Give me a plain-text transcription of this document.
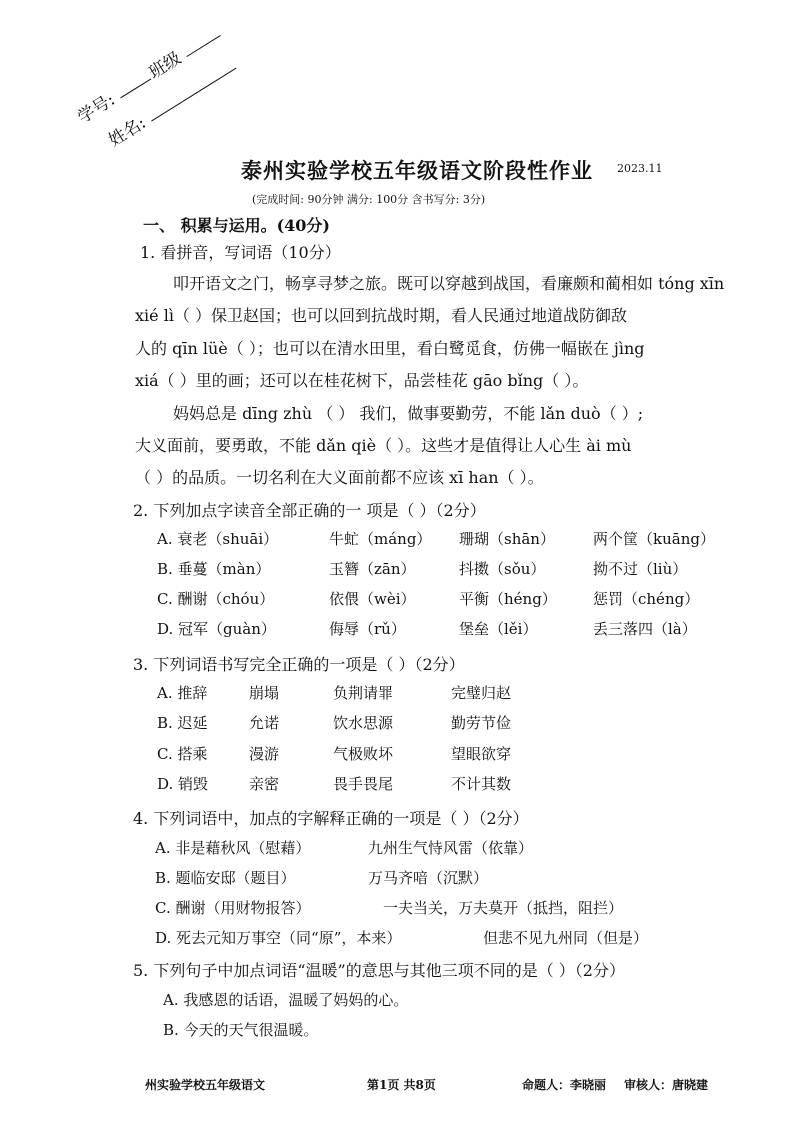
学号:
班级
姓名:
泰州实验学校五年级语文阶段性作业 2023.11
(完成时间: 90分钟 满分: 100分 含书写分: 3分)
一、 积累与运用。(40分)
1. 看拼音，写词语（10分）
叩开语文之门，畅享寻梦之旅。既可以穿越到战国，看廉颇和蔺相如 tóng xīn
xié lì（ ）保卫赵国；也可以回到抗战时期，看人民通过地道战防御敌
人的 qīn lüè（ ）；也可以在清水田里，看白鹭觅食，仿佛一幅嵌在 jìng
xiá（ ）里的画；还可以在桂花树下，品尝桂花 gāo bǐng（ ）。
妈妈总是 dīng zhù （ ） 我们，做事要勤劳，不能 lǎn duò（ ）;
大义面前，要勇敢，不能 dǎn qiè（ ）。这些才是值得让人心生 ài mù
（ ）的品质。一切名利在大义面前都不应该 xī han（ ）。
2. 下列加点字读音全部正确的一 项是（ ）（2分）
A. 衰老（shuāi）	牛虻（máng） 珊瑚（shān）	两个筐（kuāng）
B. 垂蔓（màn）	玉簪（zān）	抖擞（sǒu）	拗不过（liù）
C. 酬谢（chóu）	依偎（wèi）	平衡（héng） 惩罚（chéng）
D. 冠军（guàn）	侮辱（rǔ）	堡垒（lěi）	丢三落四（là）
3. 下列词语书写完全正确的一项是（ ）（2分）
A. 推辞	崩塌	负荆请罪	完璧归赵
B. 迟延	允诺	饮水思源	勤劳节俭
C. 搭乘	漫游	气极败坏	望眼欲穿
D. 销毁	亲密	畏手畏尾	不计其数
4. 下列词语中，加点的字解释正确的一项是（ ）（2分）
A. 非是藉秋风（慰藉）	九州生气恃风雷（依靠）
B. 题临安邸（题目）	万马齐喑（沉默）
C. 酬谢（用财物报答）	一夫当关，万夫莫开（抵挡，阻拦）
D. 死去元知万事空（同“原”，本来）	但悲不见九州同（但是）
5. 下列句子中加点词语“温暖”的意思与其他三项不同的是（ ）（2分）
A. 我感恩的话语，温暖了妈妈的心。
B. 今天的天气很温暖。
州实验学校五年级语文	第1页 共8页	命题人：李晓丽 审核人：唐晓建
